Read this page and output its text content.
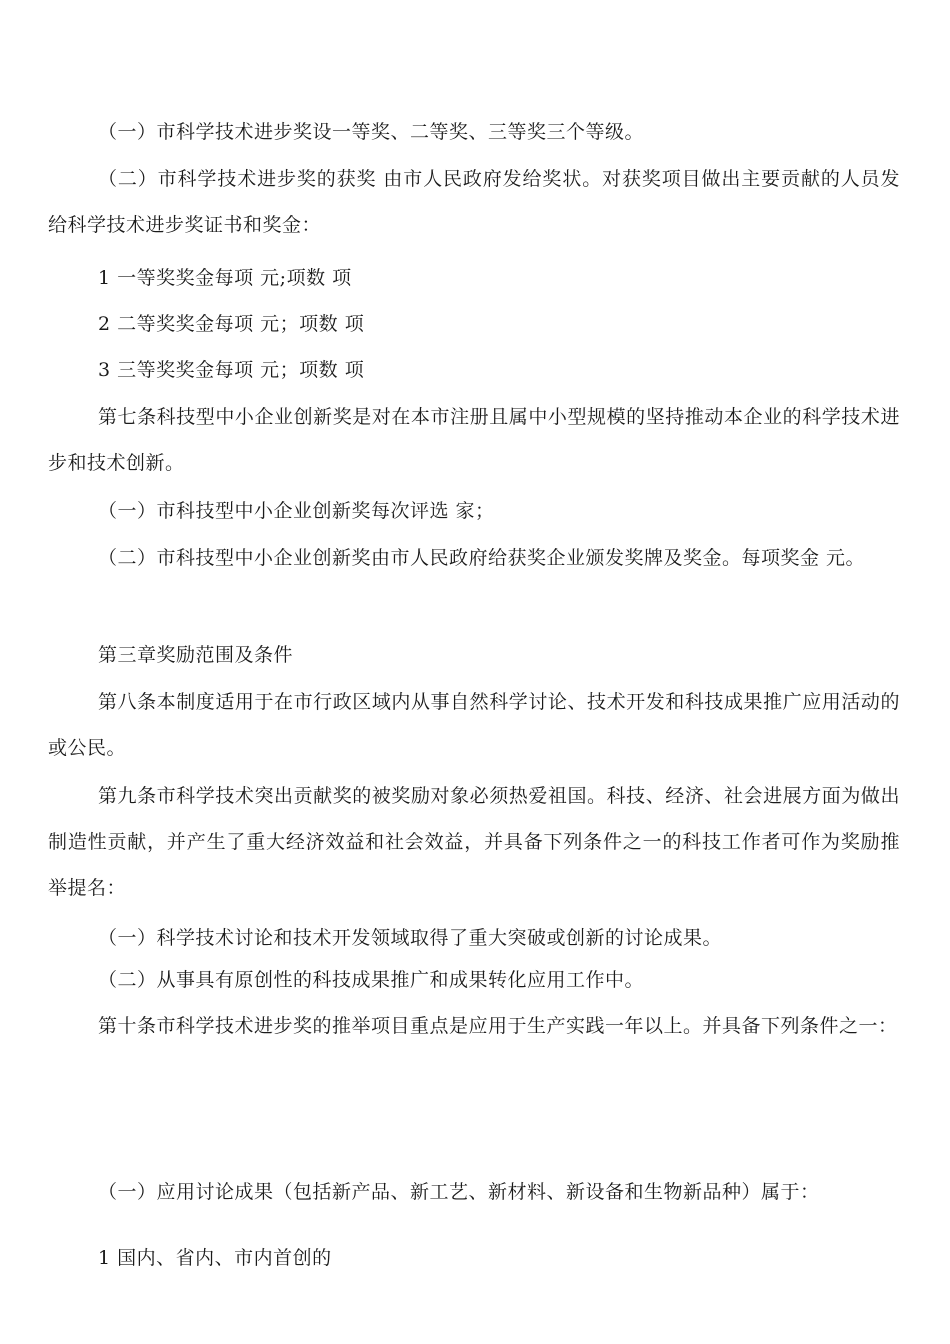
（一）市科学技术进步奖设一等奖、二等奖、三等奖三个等级。

（二）市科学技术进步奖的获奖 由市人民政府发给奖状。对获奖项目做出主要贡献的人员发给科学技术进步奖证书和奖金：

1 一等奖奖金每项 元;项数 项

2 二等奖奖金每项 元；项数 项

3 三等奖奖金每项 元；项数 项

第七条科技型中小企业创新奖是对在本市注册且属中小型规模的坚持推动本企业的科学技术进步和技术创新。

（一）市科技型中小企业创新奖每次评选 家；

（二）市科技型中小企业创新奖由市人民政府给获奖企业颁发奖牌及奖金。每项奖金 元。

第三章奖励范围及条件

第八条本制度适用于在市行政区域内从事自然科学讨论、技术开发和科技成果推广应用活动的 或公民。

第九条市科学技术突出贡献奖的被奖励对象必须热爱祖国。科技、经济、社会进展方面为做出制造性贡献，并产生了重大经济效益和社会效益，并具备下列条件之一的科技工作者可作为奖励推举提名：

（一）科学技术讨论和技术开发领域取得了重大突破或创新的讨论成果。

（二）从事具有原创性的科技成果推广和成果转化应用工作中。

第十条市科学技术进步奖的推举项目重点是应用于生产实践一年以上。并具备下列条件之一：

（一）应用讨论成果（包括新产品、新工艺、新材料、新设备和生物新品种）属于：

1 国内、省内、市内首创的
